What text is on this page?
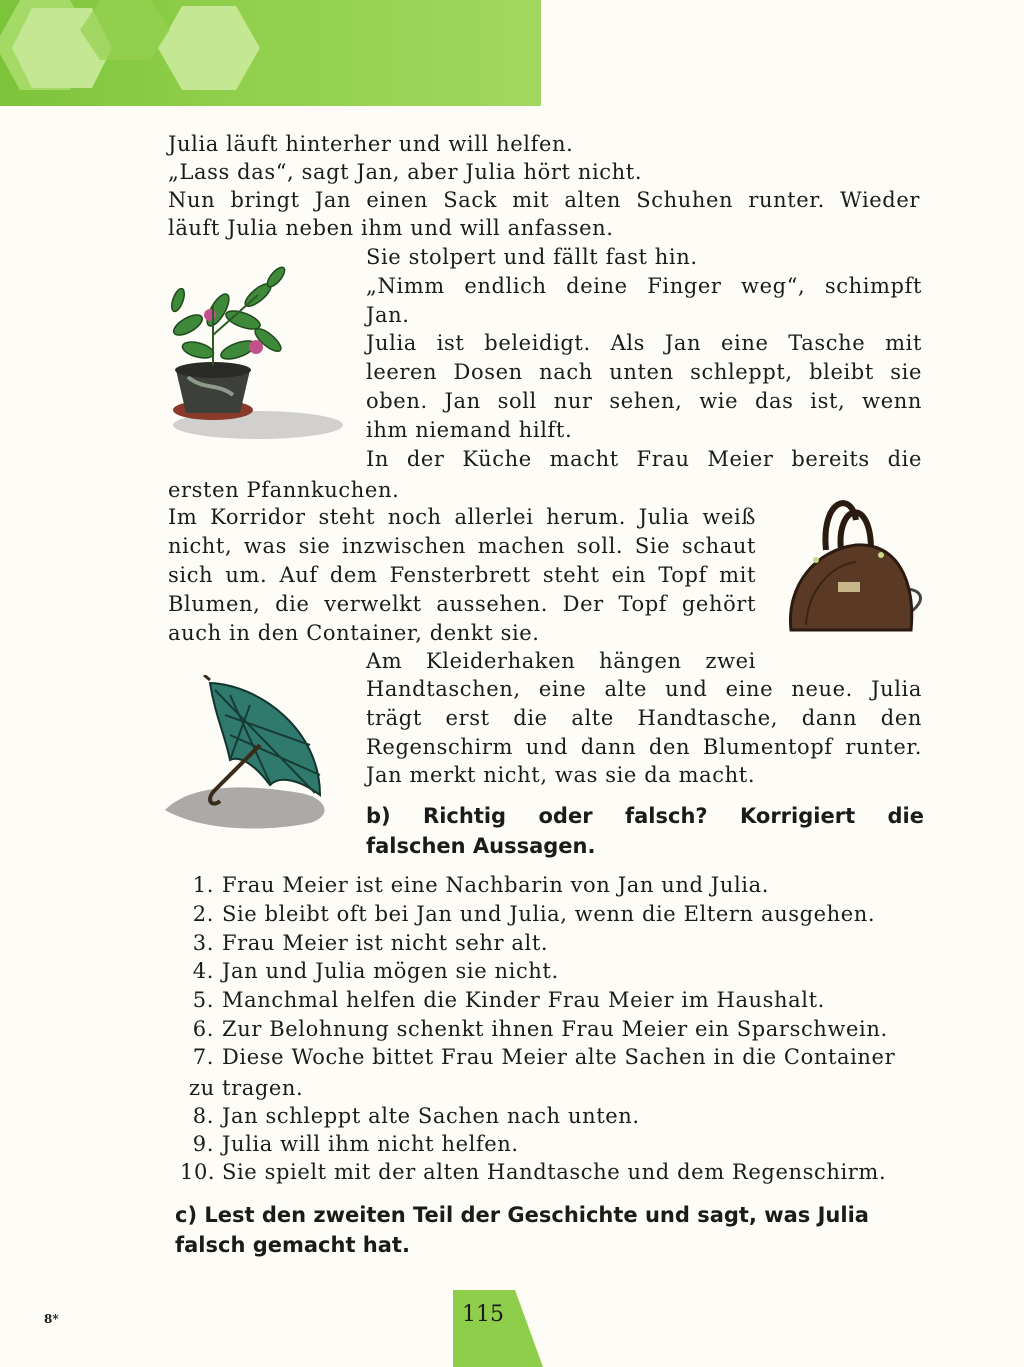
Julia läuft hinterher und will helfen.
„Lass das“, sagt Jan, aber Julia hört nicht.
Nun bringt Jan einen Sack mit alten Schuhen runter. Wieder
läuft Julia neben ihm und will anfassen.
Sie stolpert und fällt fast hin.
„Nimm endlich deine Finger weg“, schimpft
Jan.
Julia ist beleidigt. Als Jan eine Tasche mit
leeren Dosen nach unten schleppt, bleibt sie
oben. Jan soll nur sehen, wie das ist, wenn
ihm niemand hilft.
In der Küche macht Frau Meier bereits die
ersten Pfannkuchen.
Im Korridor steht noch allerlei herum. Julia weiß
nicht, was sie inzwischen machen soll. Sie schaut
sich um. Auf dem Fensterbrett steht ein Topf mit
Blumen, die verwelkt aussehen. Der Topf gehört
auch in den Container, denkt sie.
Am Kleiderhaken hängen zwei
Handtaschen, eine alte und eine neue. Julia
trägt erst die alte Handtasche, dann den
Regenschirm und dann den Blumentopf runter.
Jan merkt nicht, was sie da macht.
b) Richtig oder falsch? Korrigiert die
falschen Aussagen.
1. Frau Meier ist eine Nachbarin von Jan und Julia.
2. Sie bleibt oft bei Jan und Julia, wenn die Eltern ausgehen.
3. Frau Meier ist nicht sehr alt.
4. Jan und Julia mögen sie nicht.
5. Manchmal helfen die Kinder Frau Meier im Haushalt.
6. Zur Belohnung schenkt ihnen Frau Meier ein Sparschwein.
7. Diese Woche bittet Frau Meier alte Sachen in die Container
zu tragen.
8. Jan schleppt alte Sachen nach unten.
9. Julia will ihm nicht helfen.
10. Sie spielt mit der alten Handtasche und dem Regenschirm.
c) Lest den zweiten Teil der Geschichte und sagt, was Julia
falsch gemacht hat.
8*	115
